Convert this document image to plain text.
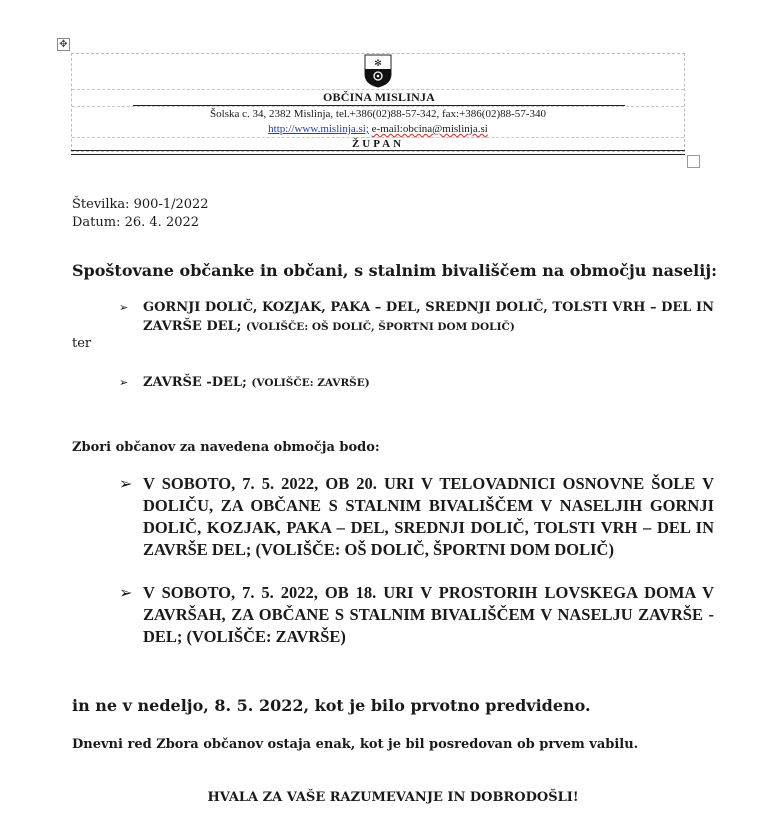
✥
OBČINA MISLINJA
✻
Šolska c. 34, 2382 Mislinja, tel.+386(02)88-57-342, fax:+386(02)88-57-340
http://www.mislinja.si; e-mail:obcina@mislinja.si
ŽUPAN
Številka: 900-1/2022
Datum: 26. 4. 2022
Spoštovane občanke in občani, s stalnim bivališčem na območju naselij:
➢ GORNJI DOLIČ, KOZJAK, PAKA – DEL, SREDNJI DOLIČ, TOLSTI VRH – DEL IN ZAVRŠE DEL; (VOLIŠČE: OŠ DOLIČ, ŠPORTNI DOM DOLIČ)
ter
➢ ZAVRŠE -DEL; (VOLIŠČE: ZAVRŠE)
Zbori občanov za navedena območja bodo:
➢ V SOBOTO, 7. 5. 2022, OB 20. URI V TELOVADNICI OSNOVNE ŠOLE V DOLIČU, ZA OBČANE S STALNIM BIVALIŠČEM V NASELJIH GORNJI DOLIČ, KOZJAK, PAKA – DEL, SREDNJI DOLIČ, TOLSTI VRH – DEL IN ZAVRŠE DEL; (VOLIŠČE: OŠ DOLIČ, ŠPORTNI DOM DOLIČ)
➢ V SOBOTO, 7. 5. 2022, OB 18. URI V PROSTORIH LOVSKEGA DOMA V ZAVRŠAH, ZA OBČANE S STALNIM BIVALIŠČEM V NASELJU ZAVRŠE - DEL; (VOLIŠČE: ZAVRŠE)
in ne v nedeljo, 8. 5. 2022, kot je bilo prvotno predvideno.
Dnevni red Zbora občanov ostaja enak, kot je bil posredovan ob prvem vabilu.
HVALA ZA VAŠE RAZUMEVANJE IN DOBRODOŠLI!
